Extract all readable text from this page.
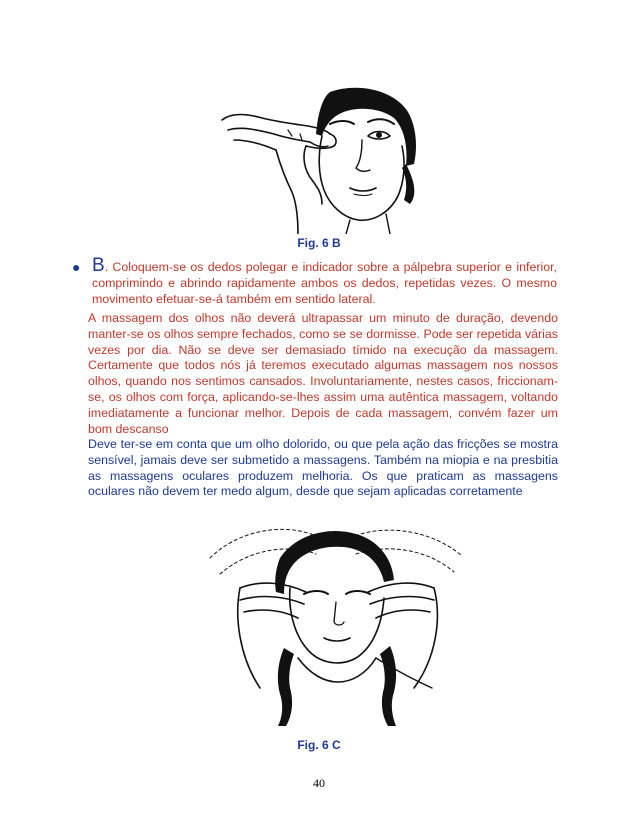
Fig. 6 B
● B. Coloquem-se os dedos polegar e indicador sobre a pálpebra superior e inferior, comprimindo e abrindo rapidamente ambos os dedos, repetidas vezes. O mesmo movimento efetuar-se-á também em sentido lateral.
A massagem dos olhos não deverá ultrapassar um minuto de duração, devendo manter-se os olhos sempre fechados, como se se dormisse. Pode ser repetida várias vezes por dia. Não se deve ser demasiado tímido na execução da massagem. Certamente que todos nós já teremos executado algumas massagem nos nossos olhos, quando nos sentimos cansados. Involuntariamente, nestes casos, friccionam-se, os olhos com força, aplicando-se-lhes assim uma autêntica massagem, voltando imediatamente a funcionar melhor. Depois de cada massagem, convém fazer um bom descanso
Deve ter-se em conta que um olho dolorido, ou que pela ação das fricções se mostra sensível, jamais deve ser submetido a massagens. Também na miopia e na presbitia as massagens oculares produzem melhoria. Os que praticam as massagens oculares não devem ter medo algum, desde que sejam aplicadas corretamente
Fig. 6 C
40
